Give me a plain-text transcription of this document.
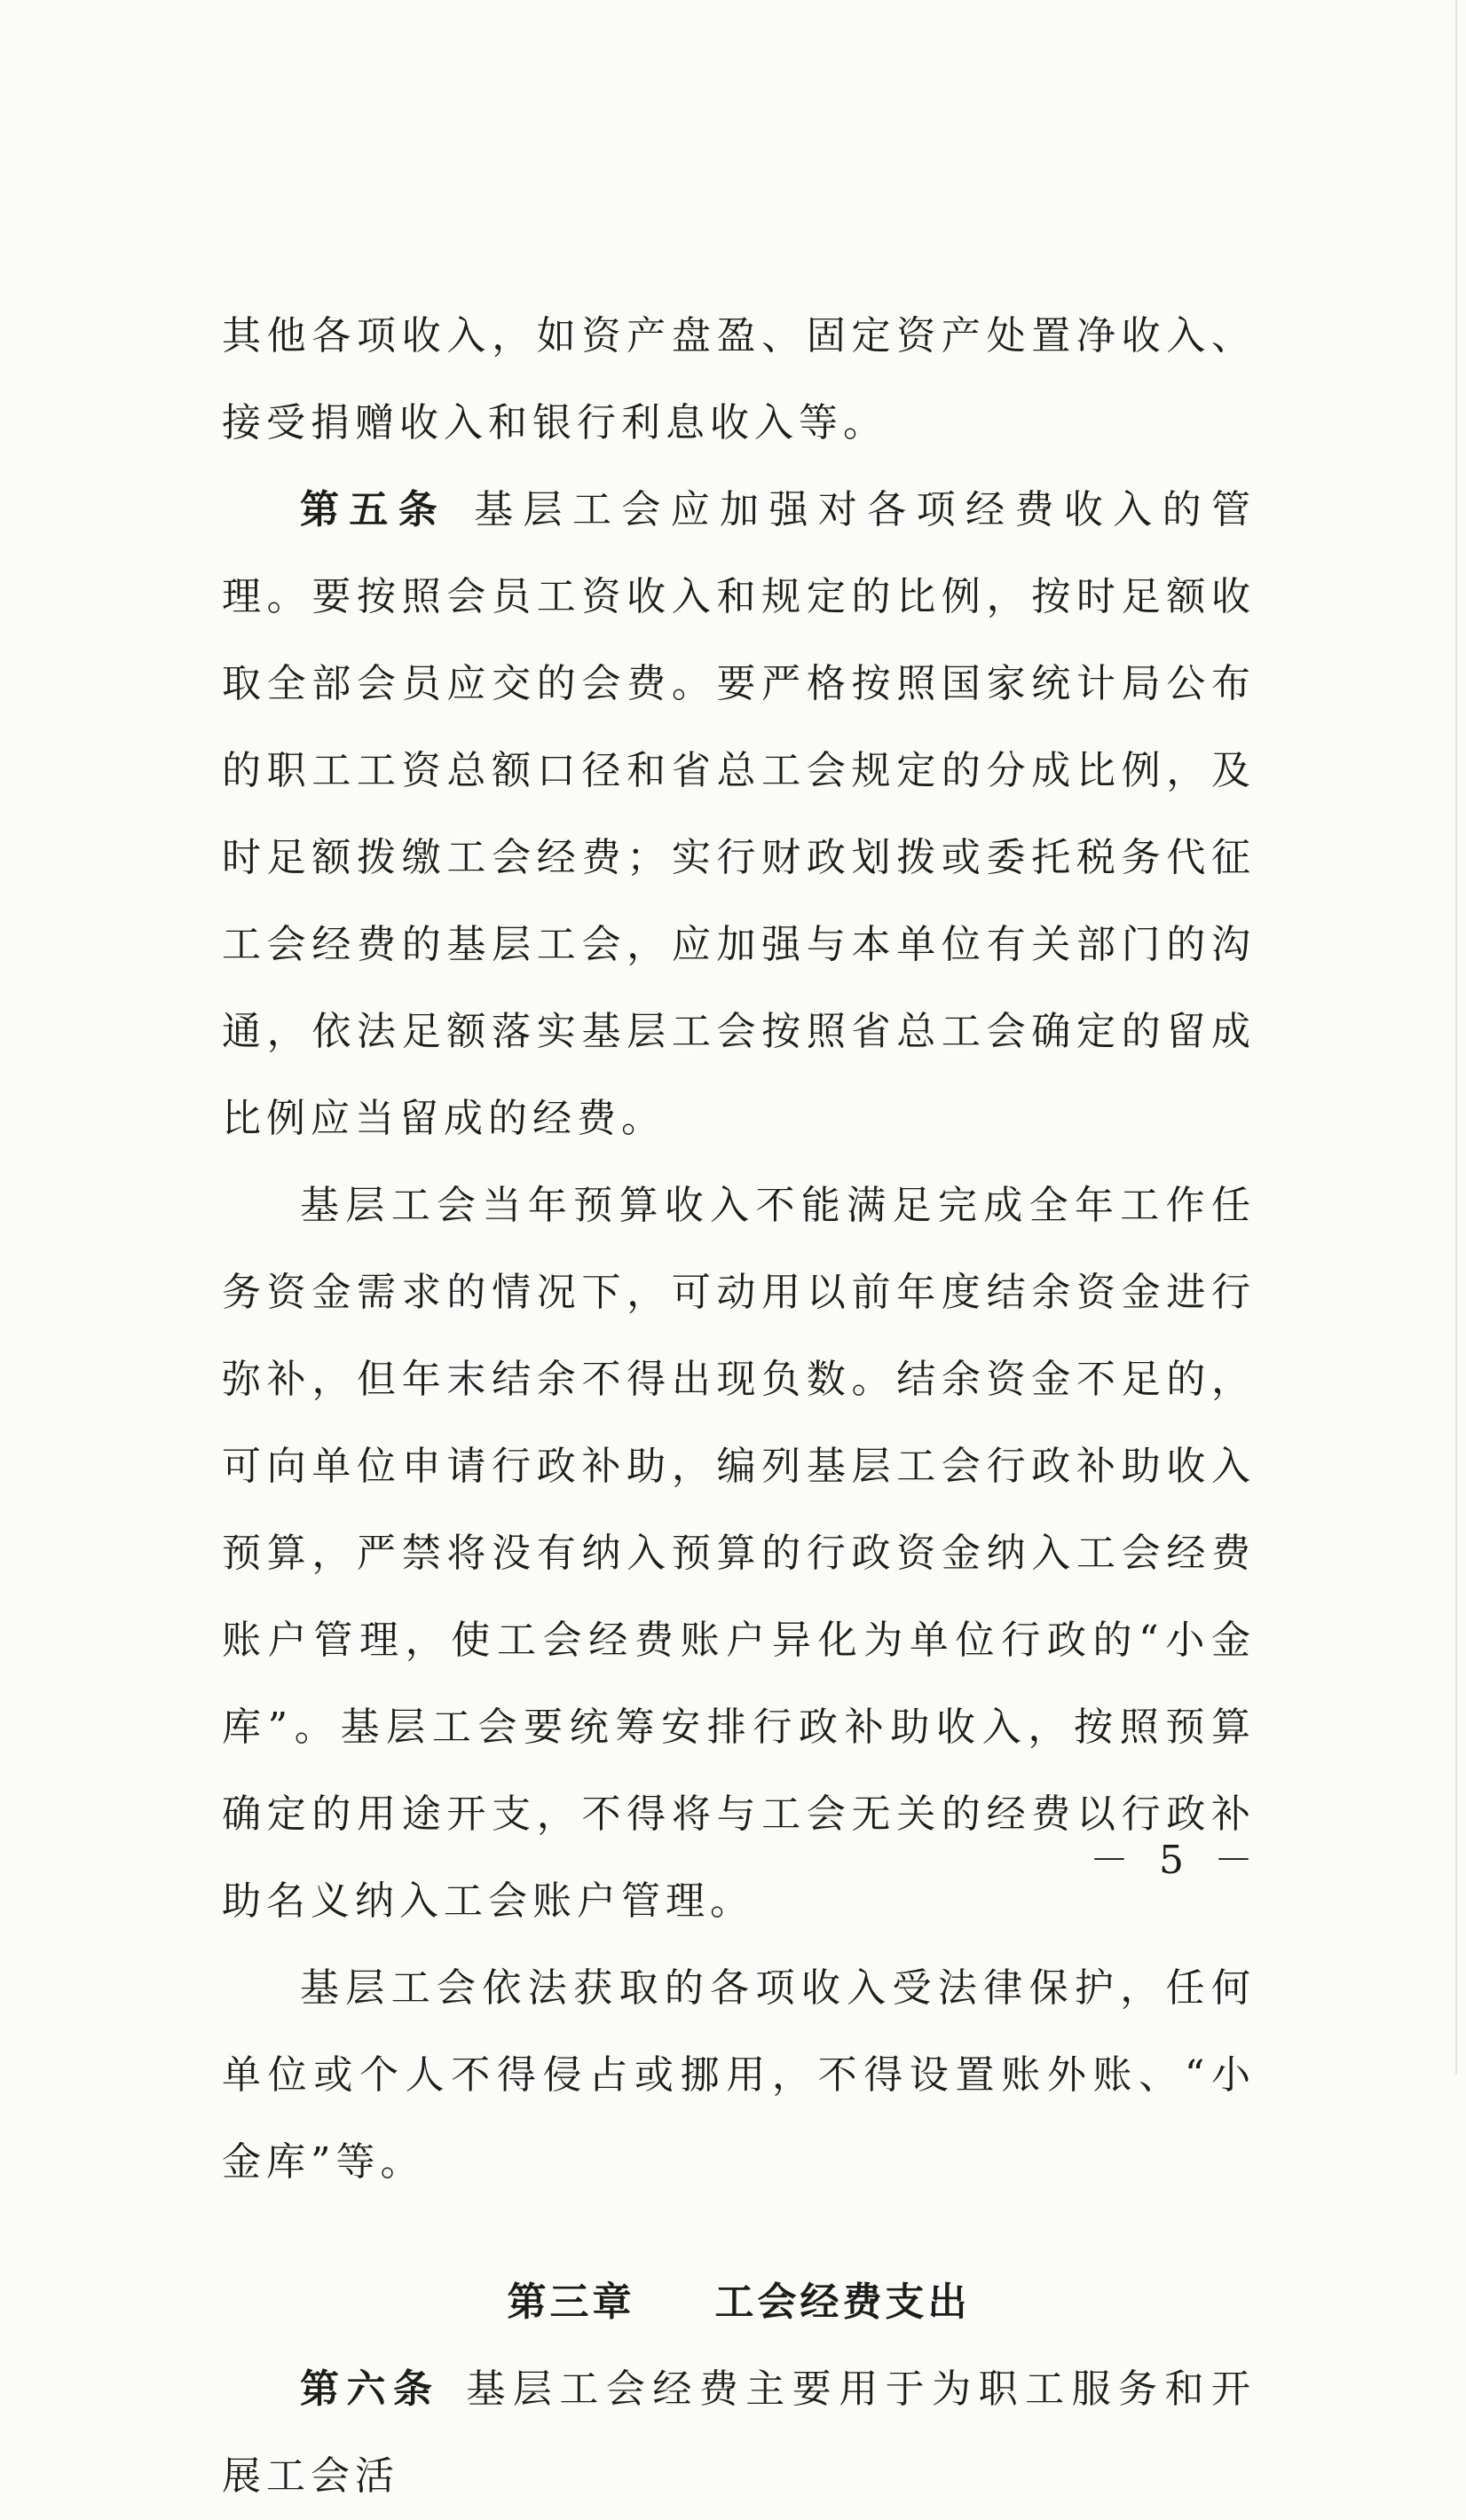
其他各项收入，如资产盘盈、固定资产处置净收入、接受捐赠收入和银行利息收入等。

第五条 基层工会应加强对各项经费收入的管理。要按照会员工资收入和规定的比例，按时足额收取全部会员应交的会费。要严格按照国家统计局公布的职工工资总额口径和省总工会规定的分成比例，及时足额拨缴工会经费；实行财政划拨或委托税务代征工会经费的基层工会，应加强与本单位有关部门的沟通，依法足额落实基层工会按照省总工会确定的留成比例应当留成的经费。

基层工会当年预算收入不能满足完成全年工作任务资金需求的情况下，可动用以前年度结余资金进行弥补，但年末结余不得出现负数。结余资金不足的，可向单位申请行政补助，编列基层工会行政补助收入预算，严禁将没有纳入预算的行政资金纳入工会经费账户管理，使工会经费账户异化为单位行政的“小金库”。基层工会要统筹安排行政补助收入，按照预算确定的用途开支，不得将与工会无关的经费以行政补助名义纳入工会账户管理。

基层工会依法获取的各项收入受法律保护，任何单位或个人不得侵占或挪用，不得设置账外账、“小金库”等。

第三章 工会经费支出

第六条 基层工会经费主要用于为职工服务和开展工会活

－ 5 －
